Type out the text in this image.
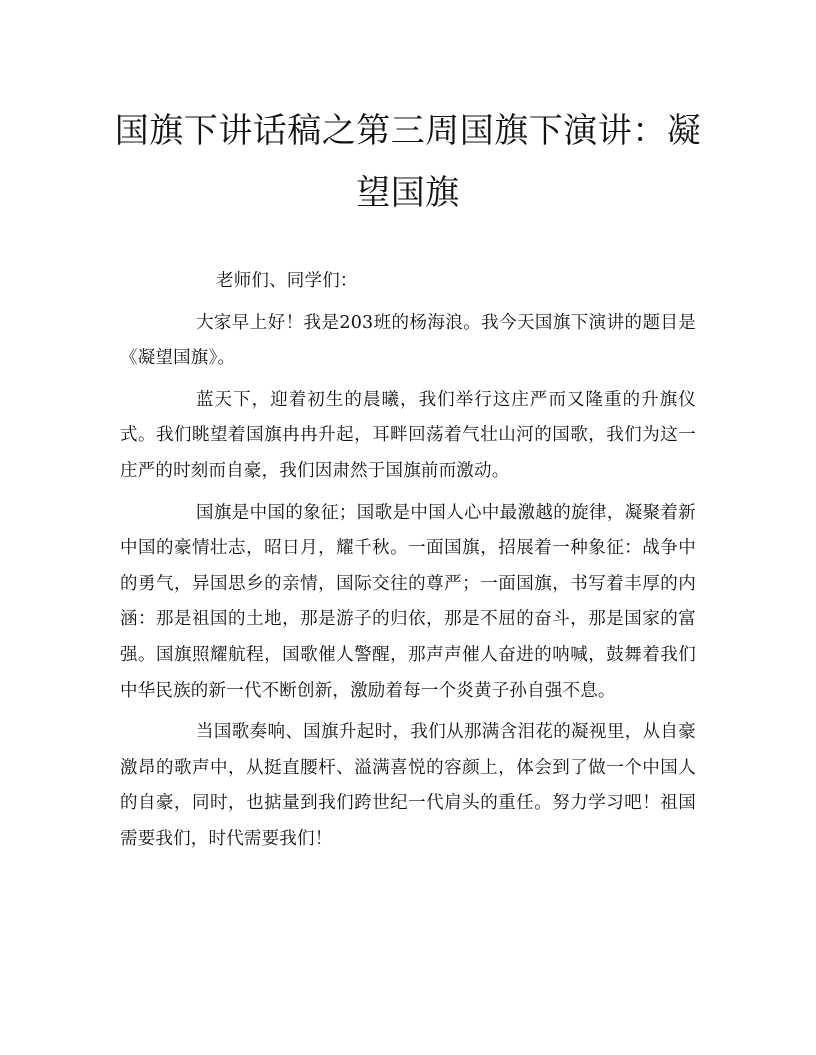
国旗下讲话稿之第三周国旗下演讲：凝
望国旗

老师们、同学们：

大家早上好！我是203班的杨海浪。我今天国旗下演讲的题目是《凝望国旗》。

蓝天下，迎着初生的晨曦，我们举行这庄严而又隆重的升旗仪式。我们眺望着国旗冉冉升起，耳畔回荡着气壮山河的国歌，我们为这一庄严的时刻而自豪，我们因肃然于国旗前而激动。

国旗是中国的象征；国歌是中国人心中最激越的旋律，凝聚着新中国的豪情壮志，昭日月，耀千秋。一面国旗，招展着一种象征：战争中的勇气，异国思乡的亲情，国际交往的尊严；一面国旗，书写着丰厚的内涵：那是祖国的土地，那是游子的归依，那是不屈的奋斗，那是国家的富强。国旗照耀航程，国歌催人警醒，那声声催人奋进的呐喊，鼓舞着我们中华民族的新一代不断创新，激励着每一个炎黄子孙自强不息。

当国歌奏响、国旗升起时，我们从那满含泪花的凝视里，从自豪激昂的歌声中，从挺直腰杆、溢满喜悦的容颜上，体会到了做一个中国人的自豪，同时，也掂量到我们跨世纪一代肩头的重任。努力学习吧！祖国需要我们，时代需要我们！
